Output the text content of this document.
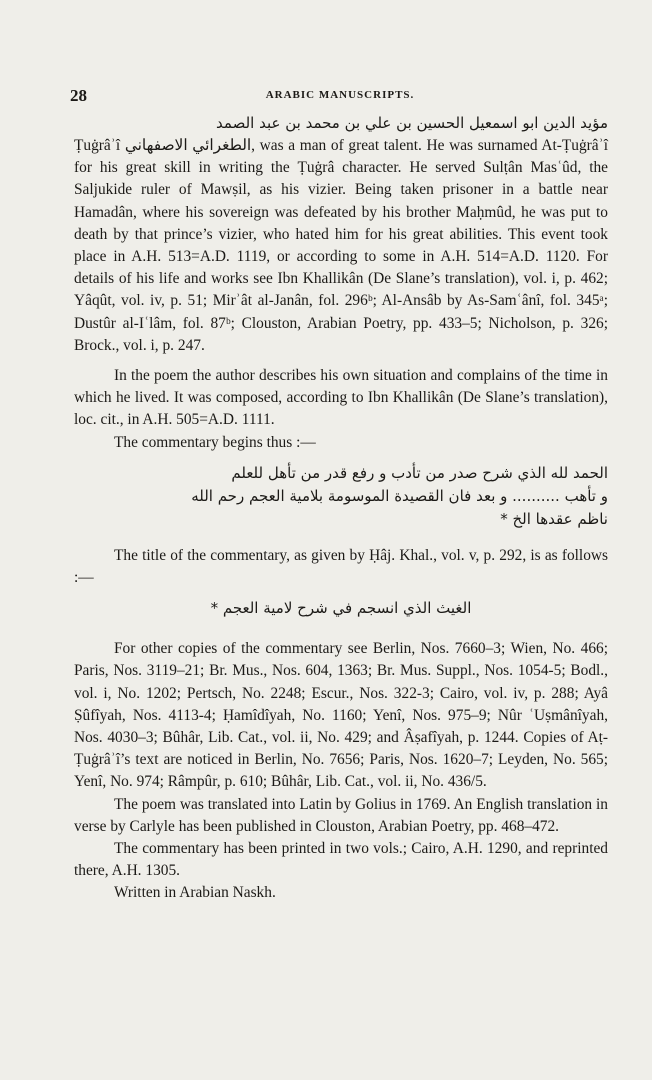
28	ARABIC MANUSCRIPTS.
مؤيد الدين ابو اسمعيل الحسين بن علي بن محمد بن عبد الصمد

Ṭuġrâʾî الطغرائي الاصفهاني, was a man of great talent. He was surnamed At-Ṭuġrâʾî for his great skill in writing the Ṭuġrâ character. He served Sulṭân Masʿûd, the Saljukide ruler of Mawṣil, as his vizier. Being taken prisoner in a battle near Hamadân, where his sovereign was defeated by his brother Maḥmûd, he was put to death by that prince’s vizier, who hated him for his great abilities. This event took place in A.H. 513=A.D. 1119, or according to some in A.H. 514=A.D. 1120. For details of his life and works see Ibn Khallikân (De Slane’s translation), vol. i, p. 462; Yâqût, vol. iv, p. 51; Mirʾât al-Janân, fol. 296ᵇ; Al-Ansâb by As-Samʿânî, fol. 345ᵃ; Dustûr al-Iʿlâm, fol. 87ᵇ; Clouston, Arabian Poetry, pp. 433–5; Nicholson, p. 326; Brock., vol. i, p. 247.

In the poem the author describes his own situation and complains of the time in which he lived. It was composed, according to Ibn Khallikân (De Slane’s translation), loc. cit., in A.H. 505=A.D. 1111.

The commentary begins thus :—

الحمد لله الذي شرح صدر من تأدب و رفع قدر من تأهل للعلم
و تأهب .......... و بعد فان القصيدة الموسومة بلامية العجم رحم الله
ناظم عقدها الخ *

The title of the commentary, as given by Ḥâj. Khal., vol. v, p. 292, is as follows :—

الغيث الذي انسجم في شرح لامية العجم *

For other copies of the commentary see Berlin, Nos. 7660–3; Wien, No. 466; Paris, Nos. 3119–21; Br. Mus., Nos. 604, 1363; Br. Mus. Suppl., Nos. 1054-5; Bodl., vol. i, No. 1202; Pertsch, No. 2248; Escur., Nos. 322-3; Cairo, vol. iv, p. 288; Ayâ Ṣûfîyah, Nos. 4113-4; Ḥamîdîyah, No. 1160; Yenî, Nos. 975–9; Nûr ʿUṣmânîyah, Nos. 4030–3; Bûhâr, Lib. Cat., vol. ii, No. 429; and Âṣafîyah, p. 1244. Copies of Aṭ-Ṭuġrâʾî’s text are noticed in Berlin, No. 7656; Paris, Nos. 1620–7; Leyden, No. 565; Yenî, No. 974; Râmpûr, p. 610; Bûhâr, Lib. Cat., vol. ii, No. 436/5.

The poem was translated into Latin by Golius in 1769. An English translation in verse by Carlyle has been published in Clouston, Arabian Poetry, pp. 468–472.

The commentary has been printed in two vols.; Cairo, A.H. 1290, and reprinted there, A.H. 1305.

Written in Arabian Naskh.
